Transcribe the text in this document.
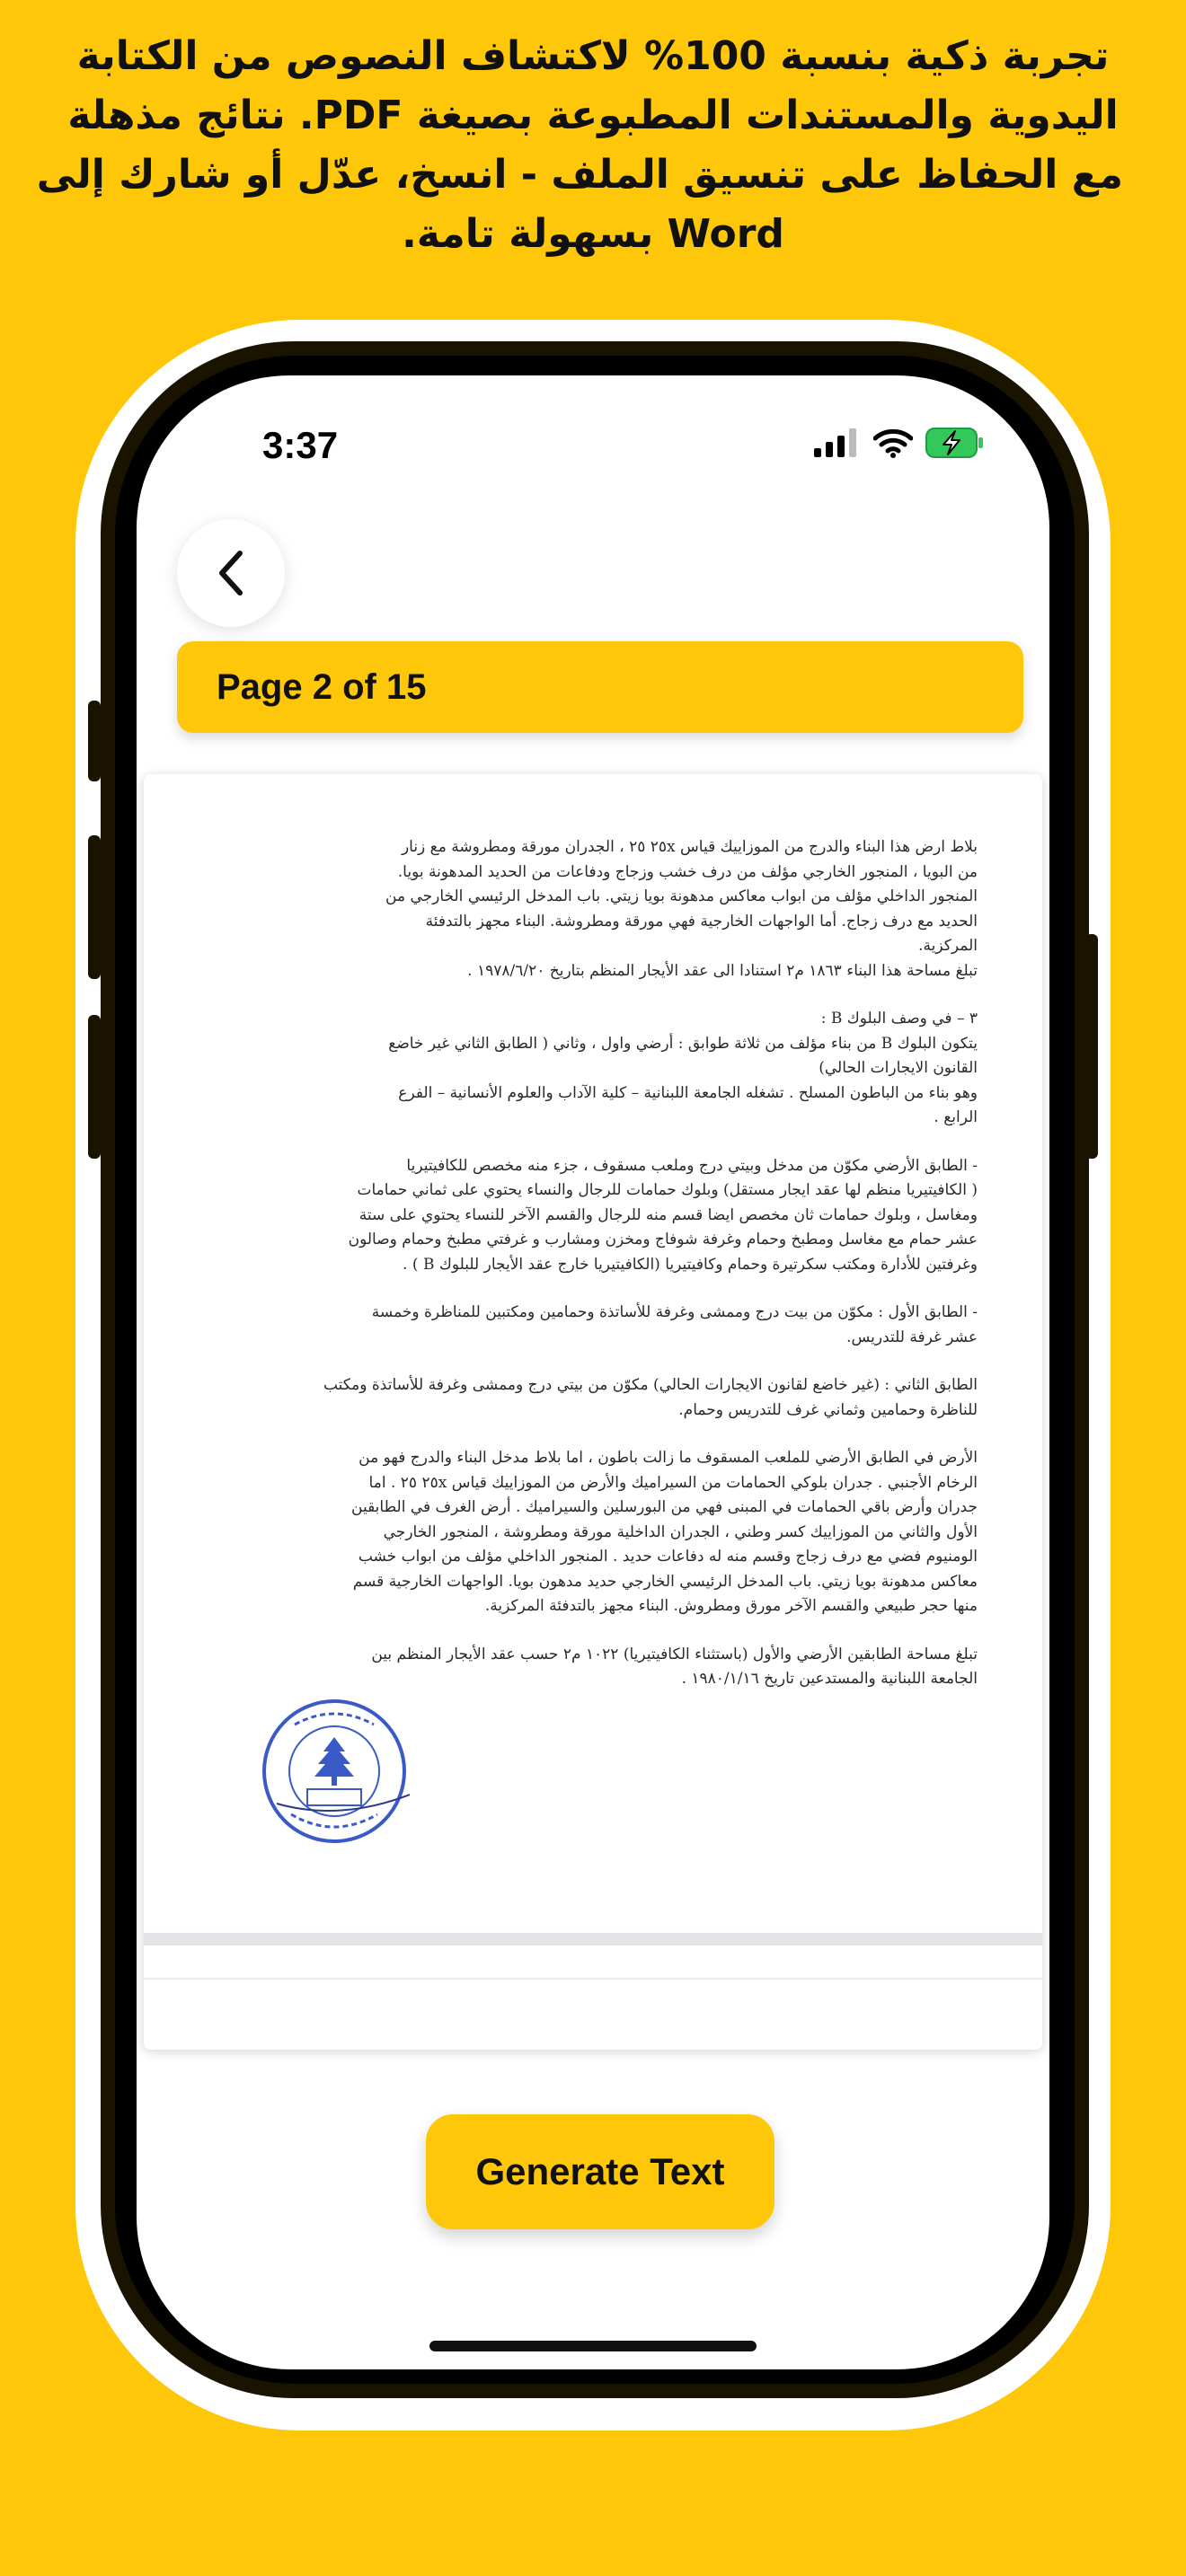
تجربة ذكية بنسبة 100% لاكتشاف النصوص من الكتابة
اليدوية والمستندات المطبوعة بصيغة PDF. نتائج مذهلة
مع الحفاظ على تنسيق الملف - انسخ، عدّل أو شارك إلى
Word بسهولة تامة.
3:37
Page 2 of 15

بلاط ارض هذا البناء والدرج من الموزاييك قياس ٢٥x ٢٥ ، الجدران مورقة ومطروشة مع زنار
من البويا ، المنجور الخارجي مؤلف من درف خشب وزجاج ودفاعات من الحديد المدهونة بويا.
المنجور الداخلي مؤلف من ابواب معاكس مدهونة بويا زيتي. باب المدخل الرئيسي الخارجي من
الحديد مع درف زجاج. أما الواجهات الخارجية فهي مورقة ومطروشة. البناء مجهز بالتدفئة
المركزية.
تبلغ مساحة هذا البناء ١٨٦٣ م٢ استنادا الى عقد الأيجار المنظم بتاريخ ١٩٧٨/٦/٢٠ .

٣ – في وصف البلوك B :
يتكون البلوك B من بناء مؤلف من ثلاثة طوابق : أرضي واول ، وثاني ( الطابق الثاني غير خاضع
القانون الايجارات الحالي)
وهو بناء من الباطون المسلح . تشغله الجامعة اللبنانية – كلية الآداب والعلوم الأنسانية – الفرع
الرابع .

- الطابق الأرضي مكوّن من مدخل وبيتي درج وملعب مسقوف ، جزء منه مخصص للكافيتيريا
( الكافيتيريا منظم لها عقد ايجار مستقل) وبلوك حمامات للرجال والنساء يحتوي على ثماني حمامات
ومغاسل ، وبلوك حمامات ثان مخصص ايضا قسم منه للرجال والقسم الآخر للنساء يحتوي على ستة
عشر حمام مع مغاسل ومطبخ وحمام وغرفة شوفاج ومخزن ومشارب و غرفتي مطبخ وحمام وصالون
وغرفتين للأدارة ومكتب سكرتيرة وحمام وكافيتيريا (الكافيتيريا خارج عقد الأيجار للبلوك B ) .

- الطابق الأول : مكوّن من بيت درج وممشى وغرفة للأساتذة وحمامين ومكتبين للمناظرة وخمسة
عشر غرفة للتدريس.

الطابق الثاني : (غير خاضع لقانون الايجارات الحالي) مكوّن من بيتي درج وممشى وغرفة للأساتذة ومكتب
للناظرة وحمامين وثماني غرف للتدريس وحمام.

الأرض في الطابق الأرضي للملعب المسقوف ما زالت باطون ، اما بلاط مدخل البناء والدرج فهو من
الرخام الأجنبي . جدران بلوكي الحمامات من السيراميك والأرض من الموزاييك قياس ٢٥x ٢٥ . اما
جدران وأرض باقي الحمامات في المبنى فهي من البورسلين والسيراميك . أرض الغرف في الطابقين
الأول والثاني من الموزاييك كسر وطني ، الجدران الداخلية مورقة ومطروشة ، المنجور الخارجي
الومنيوم فضي مع درف زجاج وقسم منه له دفاعات حديد . المنجور الداخلي مؤلف من ابواب خشب
معاكس مدهونة بويا زيتي. باب المدخل الرئيسي الخارجي حديد مدهون بويا. الواجهات الخارجية قسم
منها حجر طبيعي والقسم الآخر مورق ومطروش. البناء مجهز بالتدفئة المركزية.

تبلغ مساحة الطابقين الأرضي والأول (باستثناء الكافيتيريا) ١٠٢٢ م٢ حسب عقد الأيجار المنظم بين
الجامعة اللبنانية والمستدعين تاريخ ١٩٨٠/١/١٦ .

Generate Text
